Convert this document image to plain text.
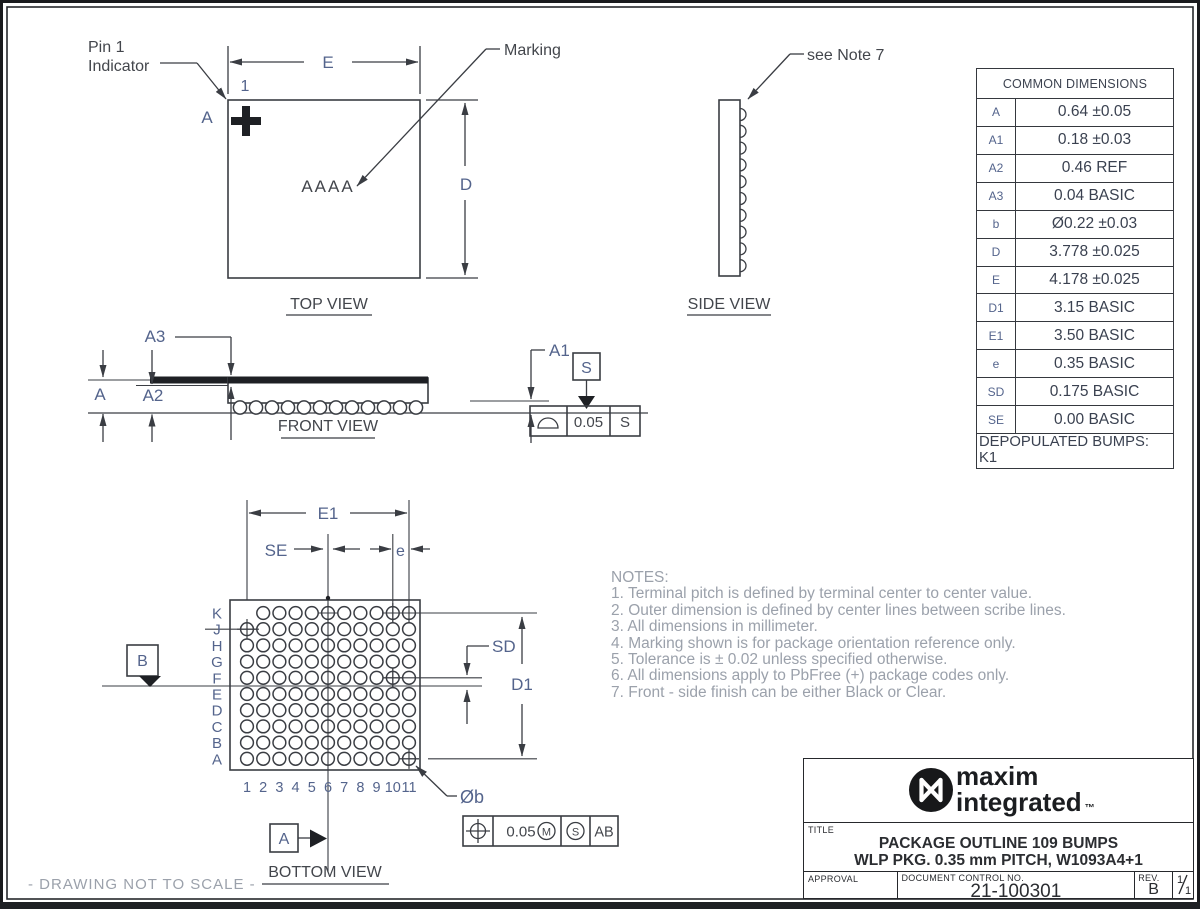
E
D
Pin 1
Indicator
1
A
Marking
AAAA
TOP VIEW
see Note 7
SIDE VIEW
A A2
A3
A1
FRONT VIEW
S
0.05 S
E1
SE	e
SD
D1
Øb
0.05 M S AB
B
A
BOTTOM VIEW
K
J
H
G
F
E
D
C
B
A
1 2 3 4 5 6 7 8 9 10 11

NOTES:

1. Terminal pitch is defined by terminal center to center value.

2. Outer dimension is defined by center lines between scribe lines.

3. All dimensions in millimeter.

4. Marking shown is for package orientation reference only.

5. Tolerance is ± 0.02 unless specified otherwise.

6. All dimensions apply to PbFree (+) package codes only.

7. Front - side finish can be either Black or Clear.

COMMON DIMENSIONS
A	0.64 ±0.05
A1	0.18 ±0.03
A2	0.46 REF
A3	0.04 BASIC
b	Ø0.22 ±0.03
D	3.778 ±0.025
E	4.178 ±0.025
D1	3.15 BASIC
E1	3.50 BASIC
e	0.35 BASIC
SD	0.175 BASIC
SE	0.00 BASIC
DEPOPULATED BUMPS:
K1
maxim
integrated ™
TITLE
PACKAGE OUTLINE 109 BUMPS
WLP PKG. 0.35 mm PITCH, W1093A4+1
APPROVAL	DOCUMENT CONTROL NO.
21-100301
REV.
B
1
1
- DRAWING NOT TO SCALE -
